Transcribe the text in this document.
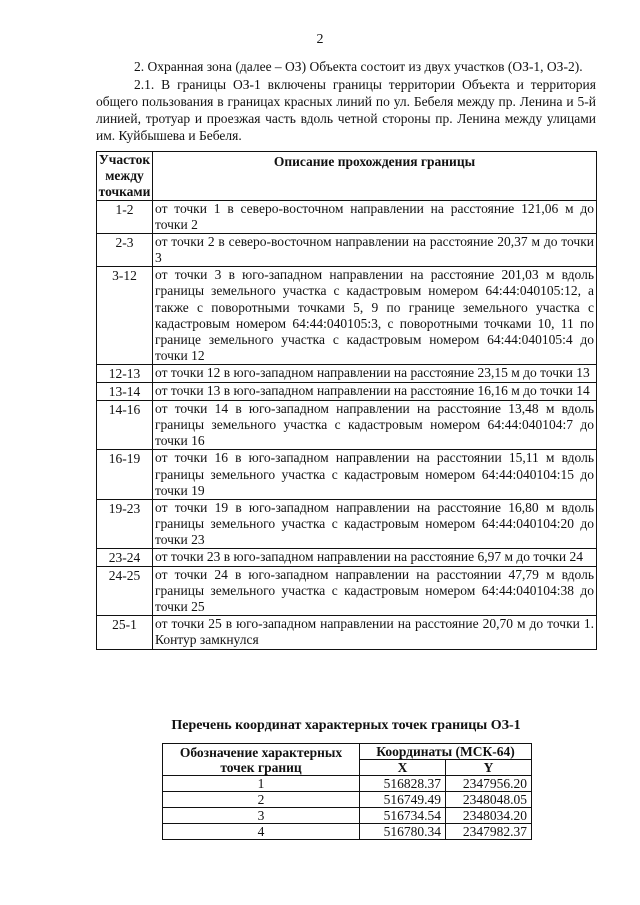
2
2. Охранная зона (далее – ОЗ) Объекта состоит из двух участков (ОЗ-1, ОЗ-2).
2.1. В границы ОЗ-1 включены границы территории Объекта и территория общего пользования в границах красных линий по ул. Бебеля между пр. Ленина и 5-й линией, тротуар и проезжая часть вдоль четной стороны пр. Ленина между улицами им. Куйбышева и Бебеля.
Участок между точками	Описание прохождения границы
1-2	от точки 1 в северо-восточном направлении на расстояние 121,06 м до точки 2
2-3	от точки 2 в северо-восточном направлении на расстояние 20,37 м до точки 3
3-12	от точки 3 в юго-западном направлении на расстояние 201,03 м вдоль границы земельного участка с кадастровым номером 64:44:040105:12, а также с поворотными точками 5, 9 по границе земельного участка с кадастровым номером 64:44:040105:3, с поворотными точками 10, 11 по границе земельного участка с кадастровым номером 64:44:040105:4 до точки 12
12-13	от точки 12 в юго-западном направлении на расстояние 23,15 м до точки 13
13-14	от точки 13 в юго-западном направлении на расстояние 16,16 м до точки 14
14-16	от точки 14 в юго-западном направлении на расстояние 13,48 м вдоль границы земельного участка с кадастровым номером 64:44:040104:7 до точки 16
16-19	от точки 16 в юго-западном направлении на расстоянии 15,11 м вдоль границы земельного участка с кадастровым номером 64:44:040104:15 до точки 19
19-23	от точки 19 в юго-западном направлении на расстояние 16,80 м вдоль границы земельного участка с кадастровым номером 64:44:040104:20 до точки 23
23-24	от точки 23 в юго-западном направлении на расстояние 6,97 м до точки 24
24-25	от точки 24 в юго-западном направлении на расстоянии 47,79 м вдоль границы земельного участка с кадастровым номером 64:44:040104:38 до точки 25
25-1	от точки 25 в юго-западном направлении на расстояние 20,70 м до точки 1. Контур замкнулся
Перечень координат характерных точек границы ОЗ-1
Обозначение характерных точек границ	Координаты (МСК-64)	
	X	Y
1	516828.37	2347956.20
2	516749.49	2348048.05
3	516734.54	2348034.20
4	516780.34	2347982.37
